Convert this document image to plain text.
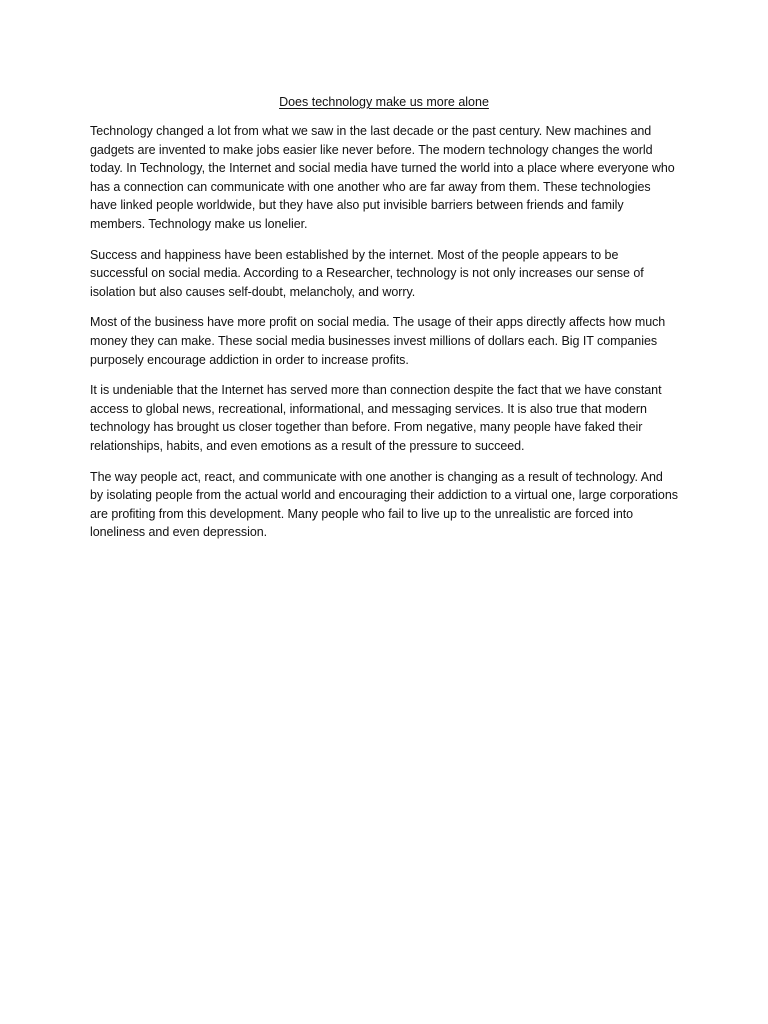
Does technology make us more alone

Technology changed a lot from what we saw in the last decade or the past century. New machines and gadgets are invented to make jobs easier like never before. The modern technology changes the world today. In Technology, the Internet and social media have turned the world into a place where everyone who has a connection can communicate with one another who are far away from them. These technologies have linked people worldwide, but they have also put invisible barriers between friends and family members. Technology make us lonelier.

Success and happiness have been established by the internet. Most of the people appears to be successful on social media. According to a Researcher, technology is not only increases our sense of isolation but also causes self-doubt, melancholy, and worry.

Most of the business have more profit on social media. The usage of their apps directly affects how much money they can make. These social media businesses invest millions of dollars each. Big IT companies purposely encourage addiction in order to increase profits.

It is undeniable that the Internet has served more than connection despite the fact that we have constant access to global news, recreational, informational, and messaging services. It is also true that modern technology has brought us closer together than before. From negative, many people have faked their relationships, habits, and even emotions as a result of the pressure to succeed.

The way people act, react, and communicate with one another is changing as a result of technology. And by isolating people from the actual world and encouraging their addiction to a virtual one, large corporations are profiting from this development. Many people who fail to live up to the unrealistic are forced into loneliness and even depression.
